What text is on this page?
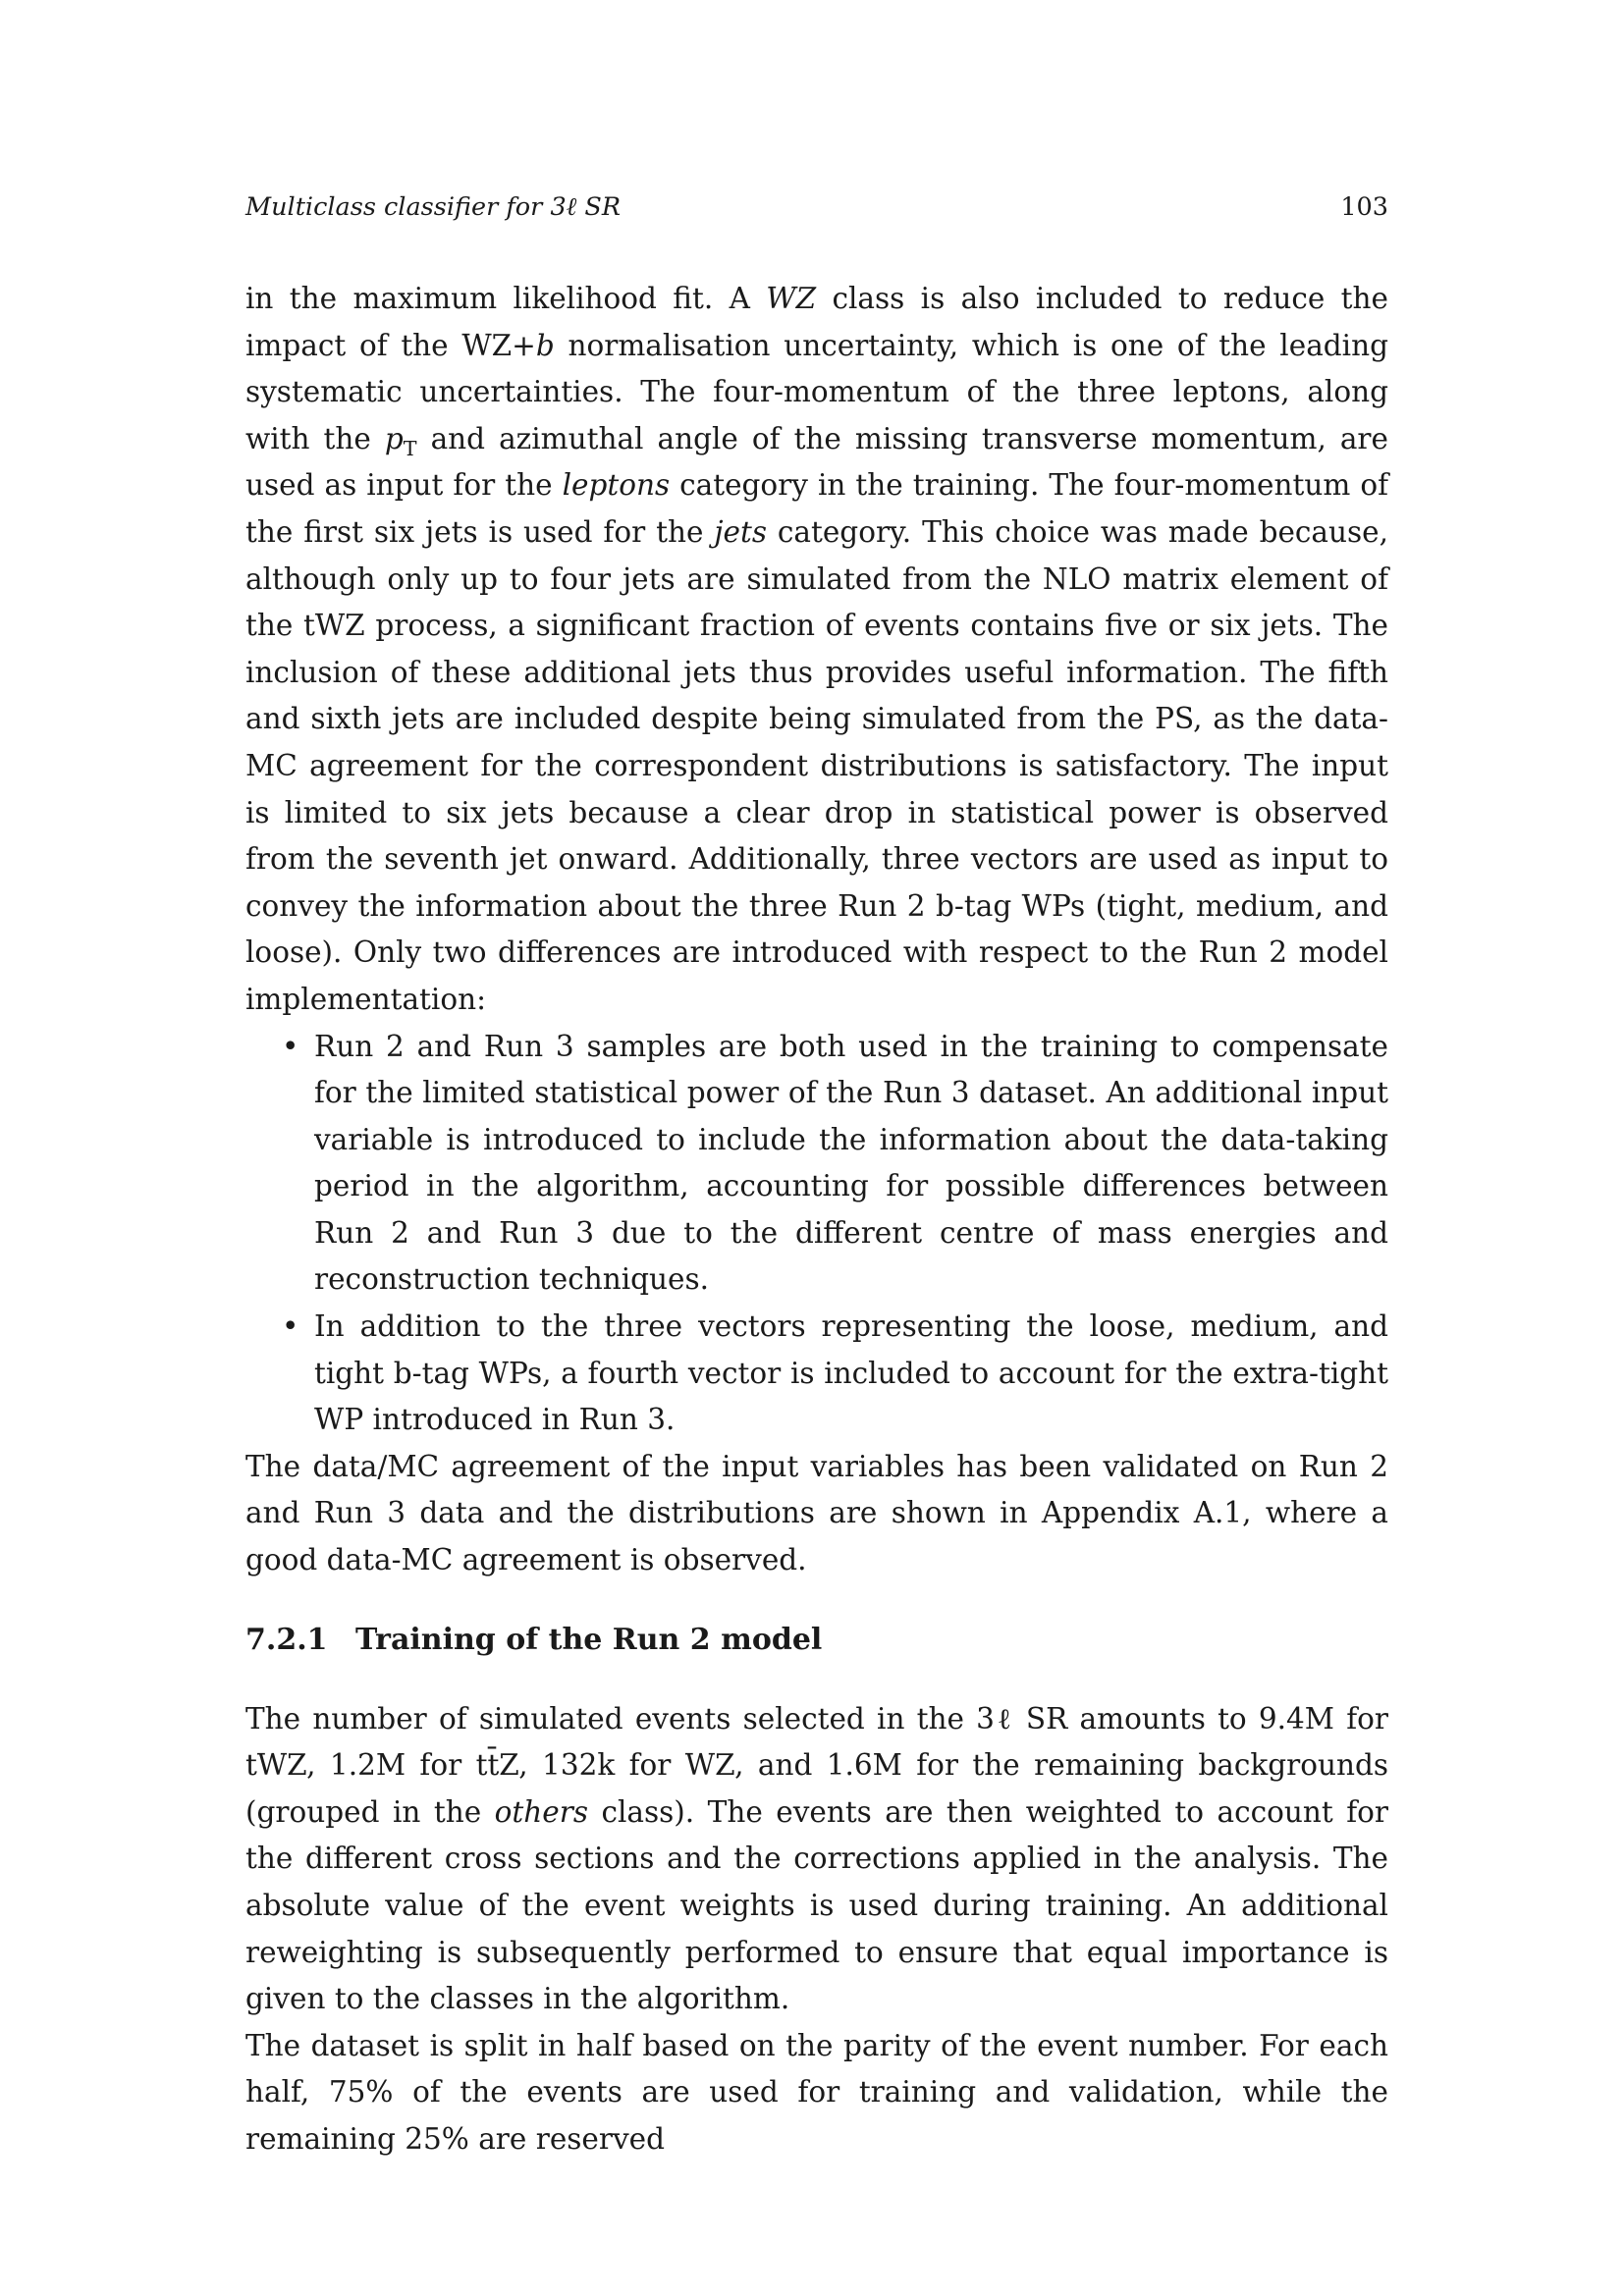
Multiclass classifier for 3ℓ SR	103

in the maximum likelihood fit. A WZ class is also included to reduce the impact of the WZ+b normalisation uncertainty, which is one of the leading systematic uncertainties. The four-momentum of the three leptons, along with the $p_T$ and azimuthal angle of the missing transverse momentum, are used as input for the leptons category in the training. The four-momentum of the first six jets is used for the jets category. This choice was made because, although only up to four jets are simulated from the NLO matrix element of the tWZ process, a significant fraction of events contains five or six jets. The inclusion of these additional jets thus provides useful information. The fifth and sixth jets are included despite being simulated from the PS, as the data-MC agreement for the correspondent distributions is satisfactory. The input is limited to six jets because a clear drop in statistical power is observed from the seventh jet onward. Additionally, three vectors are used as input to convey the information about the three Run 2 b-tag WPs (tight, medium, and loose). Only two differences are introduced with respect to the Run 2 model implementation:

• Run 2 and Run 3 samples are both used in the training to compensate for the limited statistical power of the Run 3 dataset. An additional input variable is introduced to include the information about the data-taking period in the algorithm, accounting for possible differences between Run 2 and Run 3 due to the different centre of mass energies and reconstruction techniques.
• In addition to the three vectors representing the loose, medium, and tight b-tag WPs, a fourth vector is included to account for the extra-tight WP introduced in Run 3.

The data/MC agreement of the input variables has been validated on Run 2 and Run 3 data and the distributions are shown in Appendix A.1, where a good data-MC agreement is observed.

7.2.1 Training of the Run 2 model

The number of simulated events selected in the 3ℓ SR amounts to 9.4M for tWZ, 1.2M for tt̄Z, 132k for WZ, and 1.6M for the remaining backgrounds (grouped in the others class). The events are then weighted to account for the different cross sections and the corrections applied in the analysis. The absolute value of the event weights is used during training. An additional reweighting is subsequently performed to ensure that equal importance is given to the classes in the algorithm.

The dataset is split in half based on the parity of the event number. For each half, 75% of the events are used for training and validation, while the remaining 25% are reserved
